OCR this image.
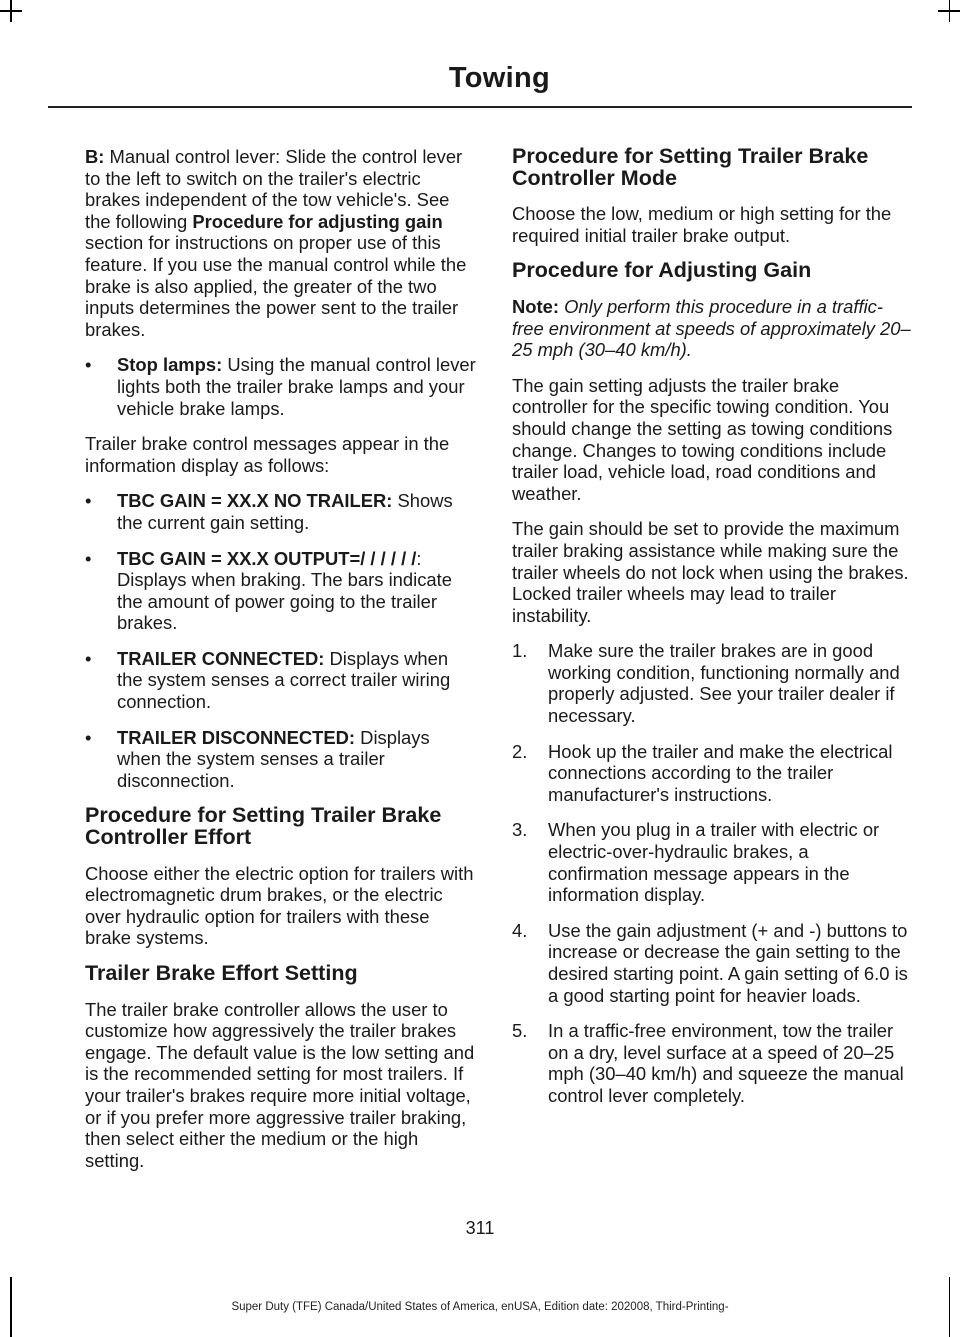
Towing

B: Manual control lever: Slide the control lever to the left to switch on the trailer's electric brakes independent of the tow vehicle's. See the following Procedure for adjusting gain section for instructions on proper use of this feature. If you use the manual control while the brake is also applied, the greater of the two inputs determines the power sent to the trailer brakes.

• Stop lamps: Using the manual control lever lights both the trailer brake lamps and your vehicle brake lamps.

Trailer brake control messages appear in the information display as follows:

• TBC GAIN = XX.X NO TRAILER: Shows the current gain setting.
• TBC GAIN = XX.X OUTPUT=/ / / / / /: Displays when braking. The bars indicate the amount of power going to the trailer brakes.
• TRAILER CONNECTED: Displays when the system senses a correct trailer wiring connection.
• TRAILER DISCONNECTED: Displays when the system senses a trailer disconnection.
Procedure for Setting Trailer Brake Controller Effort

Choose either the electric option for trailers with electromagnetic drum brakes, or the electric over hydraulic option for trailers with these brake systems.

Trailer Brake Effort Setting

The trailer brake controller allows the user to customize how aggressively the trailer brakes engage. The default value is the low setting and is the recommended setting for most trailers. If your trailer's brakes require more initial voltage, or if you prefer more aggressive trailer braking, then select either the medium or the high setting.

Procedure for Setting Trailer Brake Controller Mode

Choose the low, medium or high setting for the required initial trailer brake output.

Procedure for Adjusting Gain

Note: Only perform this procedure in a traffic-free environment at speeds of approximately 20–25 mph (30–40 km/h).

The gain setting adjusts the trailer brake controller for the specific towing condition. You should change the setting as towing conditions change. Changes to towing conditions include trailer load, vehicle load, road conditions and weather.

The gain should be set to provide the maximum trailer braking assistance while making sure the trailer wheels do not lock when using the brakes. Locked trailer wheels may lead to trailer instability.

1. Make sure the trailer brakes are in good working condition, functioning normally and properly adjusted. See your trailer dealer if necessary.
2. Hook up the trailer and make the electrical connections according to the trailer manufacturer's instructions.
3. When you plug in a trailer with electric or electric-over-hydraulic brakes, a confirmation message appears in the information display.
4. Use the gain adjustment (+ and -) buttons to increase or decrease the gain setting to the desired starting point. A gain setting of 6.0 is a good starting point for heavier loads.
5. In a traffic-free environment, tow the trailer on a dry, level surface at a speed of 20–25 mph (30–40 km/h) and squeeze the manual control lever completely.
311
Super Duty (TFE) Canada/United States of America, enUSA, Edition date: 202008, Third-Printing-
